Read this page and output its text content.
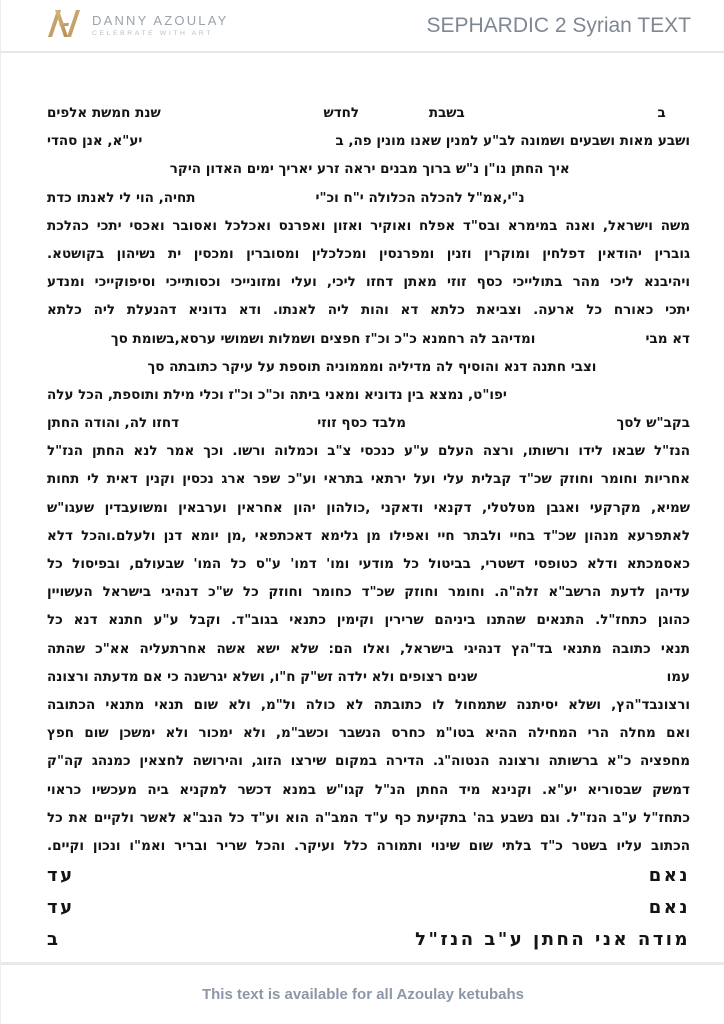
DANNY AZOULAY
CELEBRATE WITH ART	SEPHARDIC 2 Syrian TEXT
ב
בשבת
לחדש
שנת חמשת אלפים
ושבע מאות ושבעים ושמונה לב"ע למנין שאנו מונין פה, ב
יע"א, אנן סהדי
איך החתן נו"ן נ"ש ברוך מבנים יראה זרע יאריך ימים האדון היקר
נ"י,אמ"ל להכלה הכלולה י"ח וכ"י
תחיה, הוי לי לאנתו כדת
משה וישראל, ואנה במימרא ובס"ד אפלח ואוקיר ואזון ואפרנס ואכלכל ואסובר ואכסי יתכי כהלכת
גוברין יהודאין דפלחין ומוקרין וזנין ומפרנסין ומכלכלין ומסוברין ומכסין ית נשיהון בקושטא.
ויהיבנא ליכי מהר בתולייכי כסף זוזי מאתן דחזו ליכי, ועלי ומזונייכי וכסותייכי וסיפוקייכי ומנדע
יתכי כאורח כל ארעה. וצביאת כלתא דא והות ליה לאנתו. ודא נדוניא דהנעלת ליה כלתא
דא מבי
ומדיהב לה רחמנא כ"כ וכ"ז חפצים ושמלות ושמושי ערסא,בשומת סך
וצבי חתנה דנא והוסיף לה מדיליה ומממוניה תוספת על עיקר כתובתה סך
יפו"ט, נמצא בין נדוניא ומאני ביתה וכ"כ וכ"ז וכלי מילת ותוספת, הכל עלה
בקב"ש לסך
מלבד כסף זוזי
דחזו לה, והודה החתן
הנז"ל שבאו לידו ורשותו, ורצה העלם ע"ע כנכסי צ"ב וכמלוה ורשו. וכך אמר לנא החתן הנז"ל
אחריות וחומר וחוזק שכ"ד קבלית עלי ועל ירתאי בתראי וע"כ שפר ארג נכסין וקנין דאית לי תחות
שמיא, מקרקעי ואגבן מטלטלי, דקנאי ודאקני ,כולהון יהון אחראין וערבאין ומשועבדין שעגו"ש
לאתפרעא מנהון שכ"ד בחיי ולבתר חיי ואפילו מן גלימא דאכתפאי ,מן יומא דנן ולעלם.והכל דלא
כאסמכתא ודלא כטופסי דשטרי, בביטול כל מודעי ומו' דמו' ע"ס כל המו' שבעולם, ובפיסול כל
עדיהן לדעת הרשב"א זלה"ה. וחומר וחוזק שכ"ד כחומר וחוזק כל ש"כ דנהיגי בישראל העשויין
כהוגן כתחז"ל. התנאים שהתנו ביניהם שרירין וקימין כתנאי בגוב"ד. וקבל ע"ע חתנא דנא כל
תנאי כתובה מתנאי בד"הץ דנהיגי בישראל, ואלו הם: שלא ישא אשה אחרתעליה אא"כ שהתה
עמו
שנים רצופים ולא ילדה זש"ק ח"ו, ושלא יגרשנה כי אם מדעתה ורצונה
ורצונבד"הץ, ושלא יסיתנה שתמחול לו כתובתה לא כולה ול"מ, ולא שום תנאי מתנאי הכתובה
ואם מחלה הרי המחילה ההיא בטו"מ כחרס הנשבר וכשב"מ, ולא ימכור ולא ימשכן שום חפץ
מחפציה כ"א ברשותה ורצונה הנטוה"ג. הדירה במקום שירצו הזוג, והירושה לחצאין כמנהג קה"ק
דמשק שבסוריא יע"א. וקנינא מיד החתן הנ"ל קגו"ש במנא דכשר למקניא ביה מעכשיו כראוי
כתחז"ל ע"ב הנז"ל. וגם נשבע בה' בתקיעת כף ע"ד המב"ה הוא וע"ד כל הנב"א לאשר ולקיים את כל
הכתוב עליו בשטר כ"ד בלתי שום שינוי ותמורה כלל ועיקר. והכל שריר ובריר ואמ"ו ונכון וקיים.
נאם
עד
נאם
עד
מודה אני החתן ע"ב הנז"ל
ב
This text is available for all Azoulay ketubahs
